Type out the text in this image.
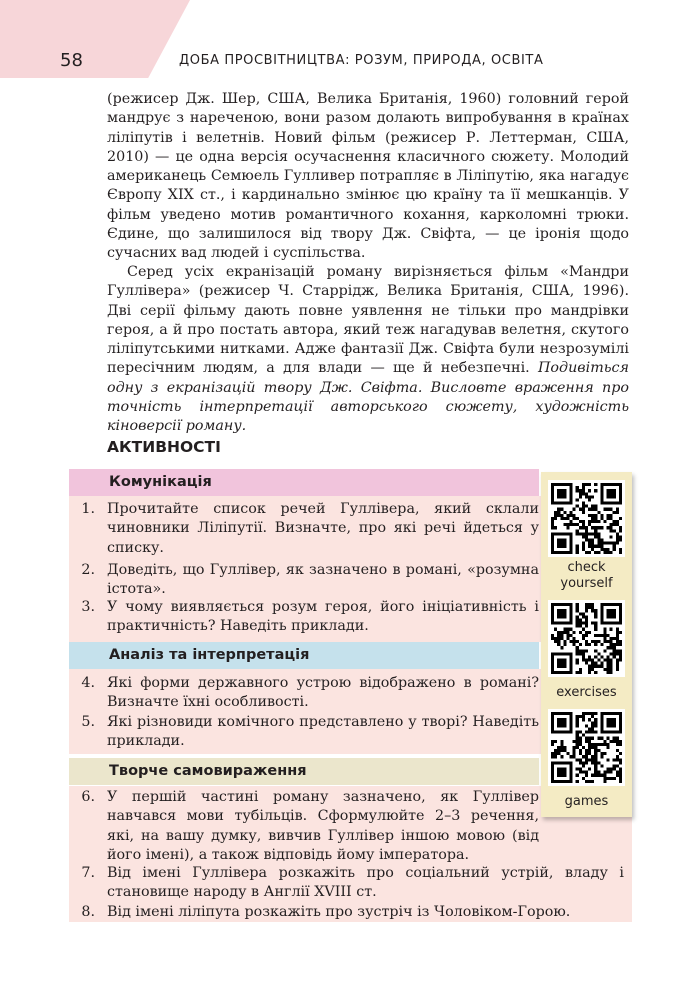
58	ДОБА ПРОСВІТНИЦТВА: РОЗУМ, ПРИРОДА, ОСВІТА

(режисер Дж. Шер, США, Велика Британія, 1960) головний герой мандрує з нареченою, вони разом долають випробування в країнах ліліпутів і велетнів. Новий фільм (режисер Р. Леттерман, США, 2010) — це одна версія осучаснення класичного сюжету. Молодий американець Семюель Гулливер потрапляє в Ліліпутію, яка нагадує Європу XIX ст., і кардинально змінює цю країну та її мешканців. У фільм уведено мотив романтичного кохання, карколомні трюки. Єдине, що залишилося від твору Дж. Свіфта, — це іронія щодо сучасних вад людей і суспільства.

Серед усіх екранізацій роману вирізняється фільм «Мандри Гуллівера» (режисер Ч. Старрідж, Велика Британія, США, 1996). Дві серії фільму дають повне уявлення не тільки про мандрівки героя, а й про постать автора, який теж нагадував велетня, скутого ліліпутськими нитками. Адже фантазії Дж. Свіфта були незрозумілі пересічним людям, а для влади — ще й небезпечні. Подивіться одну з екранізацій твору Дж. Свіфта. Висловте враження про точність інтерпретації авторського сюжету, художність кіноверсії роману.

АКТИВНОСТІ
Комунікація
1. Прочитайте список речей Гуллівера, який склали чиновники Ліліпутії. Визначте, про які речі йдеться у списку.
2. Доведіть, що Гуллівер, як зазначено в романі, «розумна істота».
3. У чому виявляється розум героя, його ініціативність і практичність? Наведіть приклади.
Аналіз та інтерпретація
4. Які форми державного устрою відображено в романі? Визначте їхні особливості.
5. Які різновиди комічного представлено у творі? Наведіть приклади.
Творче самовираження
6. У першій частині роману зазначено, як Гуллівер навчався мови тубільців. Сформулюйте 2–3 речення, які, на вашу думку, вивчив Гуллівер іншою мовою (від його імені), а також відповідь йому імператора.
7. Від імені Гуллівера розкажіть про соціальний устрій, владу і становище народу в Англії XVIII ст.
8. Від імені ліліпута розкажіть про зустріч із Чоловіком-Горою.
check
yourself
exercises
games
